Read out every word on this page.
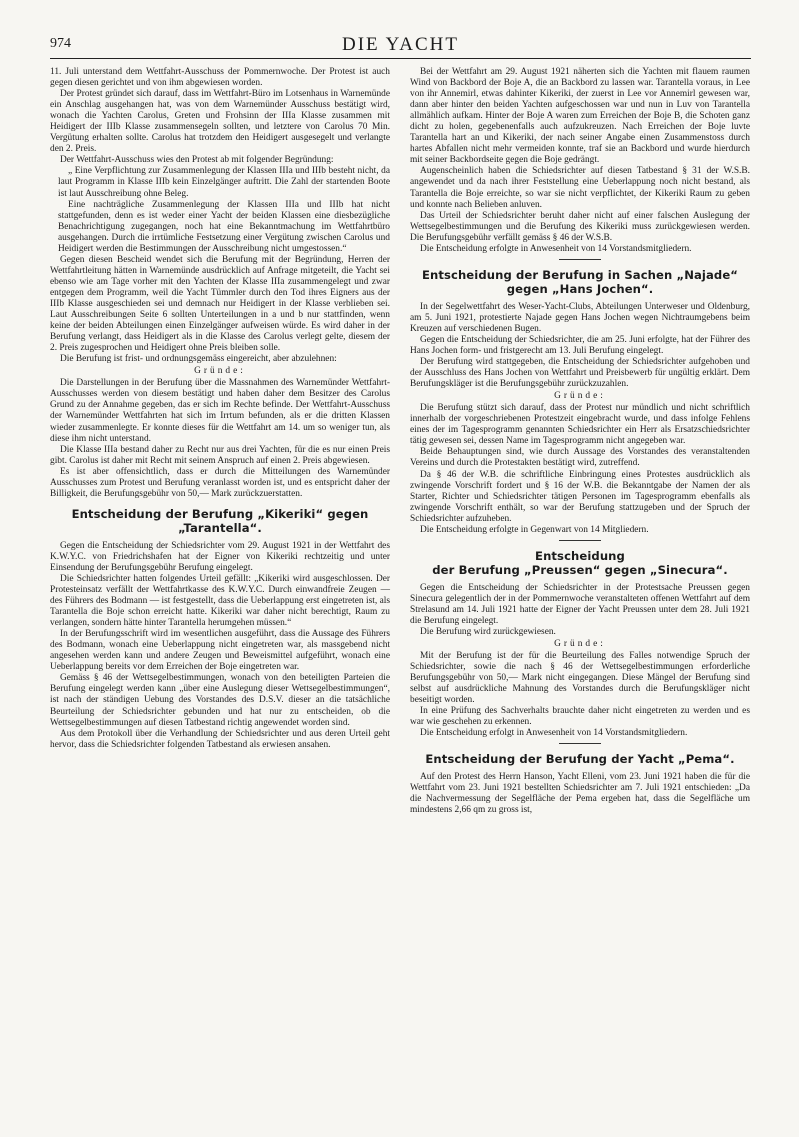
974	DIE YACHT

11. Juli unterstand dem Wettfahrt-Ausschuss der Pommernwoche. Der Protest ist auch gegen diesen gerichtet und von ihm abgewiesen worden.

Der Protest gründet sich darauf, dass im Wettfahrt-Büro im Lotsenhaus in Warnemünde ein Anschlag ausgehangen hat, was von dem Warnemünder Ausschuss bestätigt wird, wonach die Yachten Carolus, Greten und Frohsinn der IIIa Klasse zusammen mit Heidigert der IIIb Klasse zusammensegeln sollten, und letztere von Carolus 70 Min. Vergütung erhalten sollte. Carolus hat trotzdem den Heidigert ausgesegelt und verlangte den 2. Preis.

Der Wettfahrt-Ausschuss wies den Protest ab mit folgender Begründung:

„ Eine Verpflichtung zur Zusammenlegung der Klassen IIIa und IIIb besteht nicht, da laut Programm in Klasse IIIb kein Einzelgänger auftritt. Die Zahl der startenden Boote ist laut Ausschreibung ohne Beleg.

Eine nachträgliche Zusammenlegung der Klassen IIIa und IIIb hat nicht stattgefunden, denn es ist weder einer Yacht der beiden Klassen eine diesbezügliche Benachrichtigung zugegangen, noch hat eine Bekanntmachung im Wettfahrtbüro ausgehangen. Durch die irrtümliche Festsetzung einer Vergütung zwischen Carolus und Heidigert werden die Bestimmungen der Ausschreibung nicht umgestossen.“

Gegen diesen Bescheid wendet sich die Berufung mit der Begründung, Herren der Wettfahrtleitung hätten in Warnemünde ausdrücklich auf Anfrage mitgeteilt, die Yacht sei ebenso wie am Tage vorher mit den Yachten der Klasse IIIa zusammengelegt und zwar entgegen dem Programm, weil die Yacht Tümmler durch den Tod ihres Eigners aus der IIIb Klasse ausgeschieden sei und demnach nur Heidigert in der Klasse verblieben sei. Laut Ausschreibungen Seite 6 sollten Unterteilungen in a und b nur stattfinden, wenn keine der beiden Abteilungen einen Einzelgänger aufweisen würde. Es wird daher in der Berufung verlangt, dass Heidigert als in die Klasse des Carolus verlegt gelte, diesem der 2. Preis zugesprochen und Heidigert ohne Preis bleiben solle.

Die Berufung ist frist- und ordnungsgemäss eingereicht, aber abzulehnen:

Gründe:

Die Darstellungen in der Berufung über die Massnahmen des Warnemünder Wettfahrt-Ausschusses werden von diesem bestätigt und haben daher dem Besitzer des Carolus Grund zu der Annahme gegeben, das er sich im Rechte befinde. Der Wettfahrt-Ausschuss der Warnemünder Wettfahrten hat sich im Irrtum befunden, als er die dritten Klassen wieder zusammenlegte. Er konnte dieses für die Wettfahrt am 14. um so weniger tun, als diese ihm nicht unterstand.

Die Klasse IIIa bestand daher zu Recht nur aus drei Yachten, für die es nur einen Preis gibt. Carolus ist daher mit Recht mit seinem Anspruch auf einen 2. Preis abgewiesen.

Es ist aber offensichtlich, dass er durch die Mitteilungen des Warnemünder Ausschusses zum Protest und Berufung veranlasst worden ist, und es entspricht daher der Billigkeit, die Berufungsgebühr von 50,— Mark zurückzuerstatten.

Entscheidung der Berufung „Kikeriki“ gegen „Tarantella“.

Gegen die Entscheidung der Schiedsrichter vom 29. August 1921 in der Wettfahrt des K.W.Y.C. von Friedrichshafen hat der Eigner von Kikeriki rechtzeitig und unter Einsendung der Berufungsgebühr Berufung eingelegt.

Die Schiedsrichter hatten folgendes Urteil gefällt: „Kikeriki wird ausgeschlossen. Der Protesteinsatz verfällt der Wettfahrtkasse des K.W.Y.C. Durch einwandfreie Zeugen — des Führers des Bodmann — ist festgestellt, dass die Ueberlappung erst eingetreten ist, als Tarantella die Boje schon erreicht hatte. Kikeriki war daher nicht berechtigt, Raum zu verlangen, sondern hätte hinter Tarantella herumgehen müssen.“

In der Berufungsschrift wird im wesentlichen ausgeführt, dass die Aussage des Führers des Bodmann, wonach eine Ueberlappung nicht eingetreten war, als massgebend nicht angesehen werden kann und andere Zeugen und Beweismittel aufgeführt, wonach eine Ueberlappung bereits vor dem Erreichen der Boje eingetreten war.

Gemäss § 46 der Wettsegelbestimmungen, wonach von den beteiligten Parteien die Berufung eingelegt werden kann „über eine Auslegung dieser Wettsegelbestimmungen“, ist nach der ständigen Uebung des Vorstandes des D.S.V. dieser an die tatsächliche Beurteilung der Schiedsrichter gebunden und hat nur zu entscheiden, ob die Wettsegelbestimmungen auf diesen Tatbestand richtig angewendet worden sind.

Aus dem Protokoll über die Verhandlung der Schiedsrichter und aus deren Urteil geht hervor, dass die Schiedsrichter folgenden Tatbestand als erwiesen ansahen.

Bei der Wettfahrt am 29. August 1921 näherten sich die Yachten mit flauem raumen Wind von Backbord der Boje A, die an Backbord zu lassen war. Tarantella voraus, in Lee von ihr Annemirl, etwas dahinter Kikeriki, der zuerst in Lee vor Annemirl gewesen war, dann aber hinter den beiden Yachten aufgeschossen war und nun in Luv von Tarantella allmählich aufkam. Hinter der Boje A waren zum Erreichen der Boje B, die Schoten ganz dicht zu holen, gegebenenfalls auch aufzukreuzen. Nach Erreichen der Boje luvte Tarantella hart an und Kikeriki, der nach seiner Angabe einen Zusammenstoss durch hartes Abfallen nicht mehr vermeiden konnte, traf sie an Backbord und wurde hierdurch mit seiner Backbordseite gegen die Boje gedrängt.

Augenscheinlich haben die Schiedsrichter auf diesen Tatbestand § 31 der W.S.B. angewendet und da nach ihrer Feststellung eine Ueberlappung noch nicht bestand, als Tarantella die Boje erreichte, so war sie nicht verpflichtet, der Kikeriki Raum zu geben und konnte nach Belieben anluven.

Das Urteil der Schiedsrichter beruht daher nicht auf einer falschen Auslegung der Wettsegelbestimmungen und die Berufung des Kikeriki muss zurückgewiesen werden. Die Berufungsgebühr verfällt gemäss § 46 der W.S.B.

Die Entscheidung erfolgte in Anwesenheit von 14 Vorstandsmitgliedern.

Entscheidung der Berufung in Sachen „Najade“ gegen „Hans Jochen“.

In der Segelwettfahrt des Weser-Yacht-Clubs, Abteilungen Unterweser und Oldenburg, am 5. Juni 1921, protestierte Najade gegen Hans Jochen wegen Nichtraumgebens beim Kreuzen auf verschiedenen Bugen.

Gegen die Entscheidung der Schiedsrichter, die am 25. Juni erfolgte, hat der Führer des Hans Jochen form- und fristgerecht am 13. Juli Berufung eingelegt.

Der Berufung wird stattgegeben, die Entscheidung der Schiedsrichter aufgehoben und der Ausschluss des Hans Jochen von Wettfahrt und Preisbewerb für ungültig erklärt. Dem Berufungskläger ist die Berufungsgebühr zurückzuzahlen.

Gründe:

Die Berufung stützt sich darauf, dass der Protest nur mündlich und nicht schriftlich innerhalb der vorgeschriebenen Protestzeit eingebracht wurde, und dass infolge Fehlens eines der im Tagesprogramm genannten Schiedsrichter ein Herr als Ersatzschiedsrichter tätig gewesen sei, dessen Name im Tagesprogramm nicht angegeben war.

Beide Behauptungen sind, wie durch Aussage des Vorstandes des veranstaltenden Vereins und durch die Protestakten bestätigt wird, zutreffend.

Da § 46 der W.B. die schriftliche Einbringung eines Protestes ausdrücklich als zwingende Vorschrift fordert und § 16 der W.B. die Bekanntgabe der Namen der als Starter, Richter und Schiedsrichter tätigen Personen im Tagesprogramm ebenfalls als zwingende Vorschrift enthält, so war der Berufung stattzugeben und der Spruch der Schiedsrichter aufzuheben.

Die Entscheidung erfolgte in Gegenwart von 14 Mitgliedern.

Entscheidung
der Berufung „Preussen“ gegen „Sinecura“.

Gegen die Entscheidung der Schiedsrichter in der Protestsache Preussen gegen Sinecura gelegentlich der in der Pommernwoche veranstalteten offenen Wettfahrt auf dem Strelasund am 14. Juli 1921 hatte der Eigner der Yacht Preussen unter dem 28. Juli 1921 die Berufung eingelegt.

Die Berufung wird zurückgewiesen.

Gründe:

Mit der Berufung ist der für die Beurteilung des Falles notwendige Spruch der Schiedsrichter, sowie die nach § 46 der Wettsegelbestimmungen erforderliche Berufungsgebühr von 50,— Mark nicht eingegangen. Diese Mängel der Berufung sind selbst auf ausdrückliche Mahnung des Vorstandes durch die Berufungskläger nicht beseitigt worden.

In eine Prüfung des Sachverhalts brauchte daher nicht eingetreten zu werden und es war wie geschehen zu erkennen.

Die Entscheidung erfolgt in Anwesenheit von 14 Vorstandsmitgliedern.

Entscheidung der Berufung der Yacht „Pema“.

Auf den Protest des Herrn Hanson, Yacht Elleni, vom 23. Juni 1921 haben die für die Wettfahrt vom 23. Juni 1921 bestellten Schiedsrichter am 7. Juli 1921 entschieden: „Da die Nachvermessung der Segelfläche der Pema ergeben hat, dass die Segelfläche um mindestens 2,66 qm zu gross ist,
